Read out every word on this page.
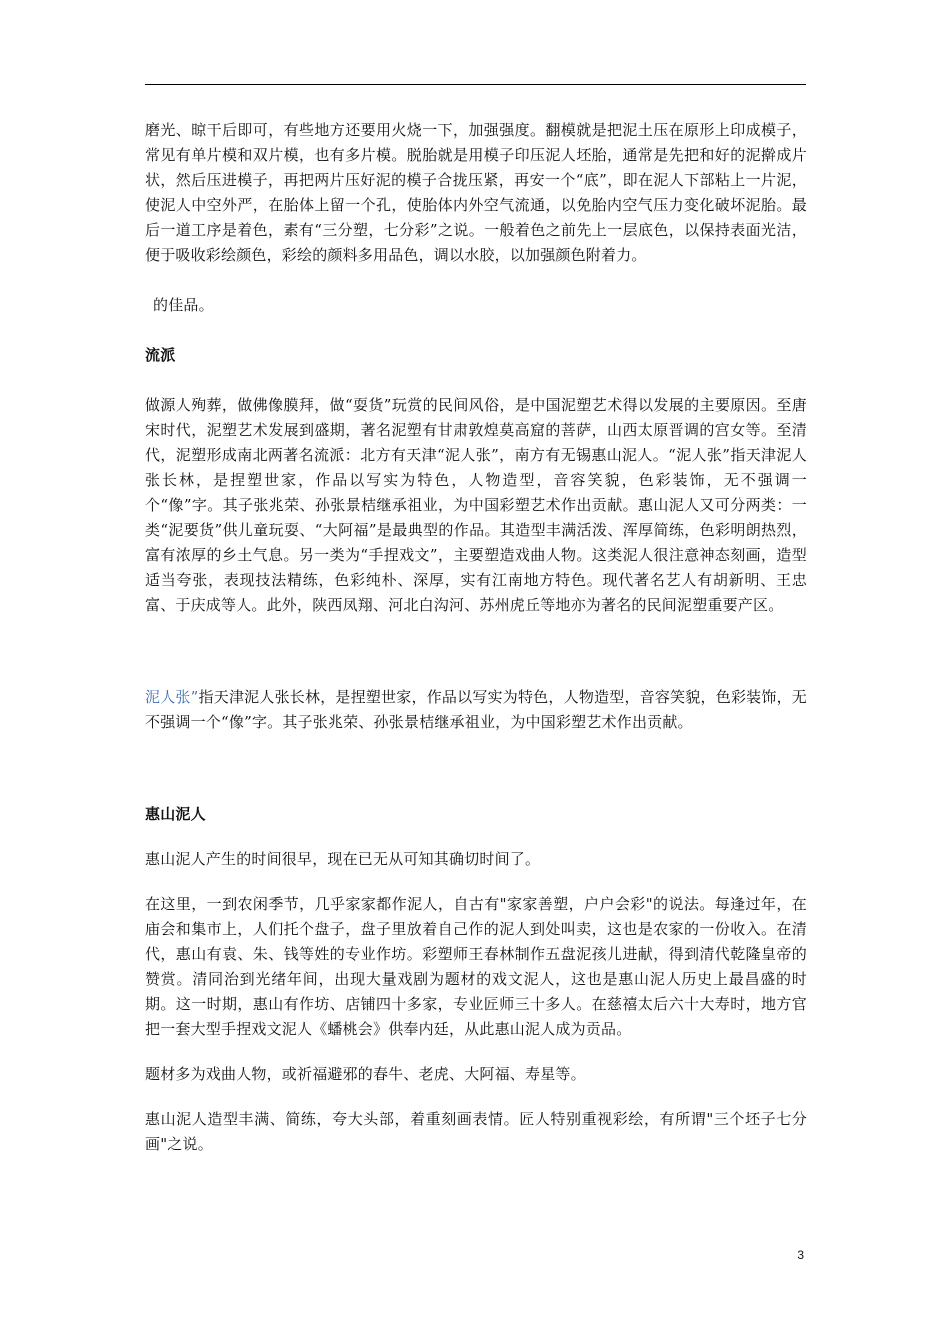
磨光、晾干后即可，有些地方还要用火烧一下，加强强度。翻模就是把泥土压在原形上印成模子，常见有单片模和双片模，也有多片模。脱胎就是用模子印压泥人坯胎，通常是先把和好的泥擀成片状，然后压进模子，再把两片压好泥的模子合拢压紧，再安一个“底”，即在泥人下部粘上一片泥，使泥人中空外严，在胎体上留一个孔，使胎体内外空气流通，以免胎内空气压力变化破坏泥胎。最后一道工序是着色，素有“三分塑，七分彩”之说。一般着色之前先上一层底色，以保持表面光洁，便于吸收彩绘颜色，彩绘的颜料多用品色，调以水胶，以加强颜色附着力。

的佳品。

流派

做源人殉葬，做佛像膜拜，做“耍货”玩赏的民间风俗，是中国泥塑艺术得以发展的主要原因。至唐宋时代，泥塑艺术发展到盛期，著名泥塑有甘肃敦煌莫高窟的菩萨，山西太原晋调的宫女等。至清代，泥塑形成南北两著名流派：北方有天津“泥人张”，南方有无锡惠山泥人。“泥人张”指天津泥人张长林，是捏塑世家，作品以写实为特色，人物造型，音容笑貌，色彩装饰，无不强调一个“像”字。其子张兆荣、孙张景桔继承祖业，为中国彩塑艺术作出贡献。惠山泥人又可分两类：一类“泥要货”供儿童玩耍、“大阿福”是最典型的作品。其造型丰满活泼、浑厚简练，色彩明朗热烈，富有浓厚的乡土气息。另一类为“手捏戏文”，主要塑造戏曲人物。这类泥人很注意神态刻画，造型适当夸张，表现技法精练，色彩纯朴、深厚，实有江南地方特色。现代著名艺人有胡新明、王忠富、于庆成等人。此外，陕西凤翔、河北白沟河、苏州虎丘等地亦为著名的民间泥塑重要产区。

泥人张”指天津泥人张长林，是捏塑世家，作品以写实为特色，人物造型，音容笑貌，色彩装饰，无不强调一个“像”字。其子张兆荣、孙张景桔继承祖业，为中国彩塑艺术作出贡献。

惠山泥人

惠山泥人产生的时间很早，现在已无从可知其确切时间了。

在这里，一到农闲季节，几乎家家都作泥人，自古有"家家善塑，户户会彩"的说法。每逢过年，在庙会和集市上，人们托个盘子，盘子里放着自己作的泥人到处叫卖，这也是农家的一份收入。在清代，惠山有袁、朱、钱等姓的专业作坊。彩塑师王春林制作五盘泥孩儿进献，得到清代乾隆皇帝的赞赏。清同治到光绪年间，出现大量戏剧为题材的戏文泥人，这也是惠山泥人历史上最昌盛的时期。这一时期，惠山有作坊、店铺四十多家，专业匠师三十多人。在慈禧太后六十大寿时，地方官把一套大型手捏戏文泥人《蟠桃会》供奉内廷，从此惠山泥人成为贡品。

题材多为戏曲人物，或祈福避邪的春牛、老虎、大阿福、寿星等。

惠山泥人造型丰满、简练，夸大头部，着重刻画表情。匠人特别重视彩绘，有所谓"三个坯子七分画"之说。

3
